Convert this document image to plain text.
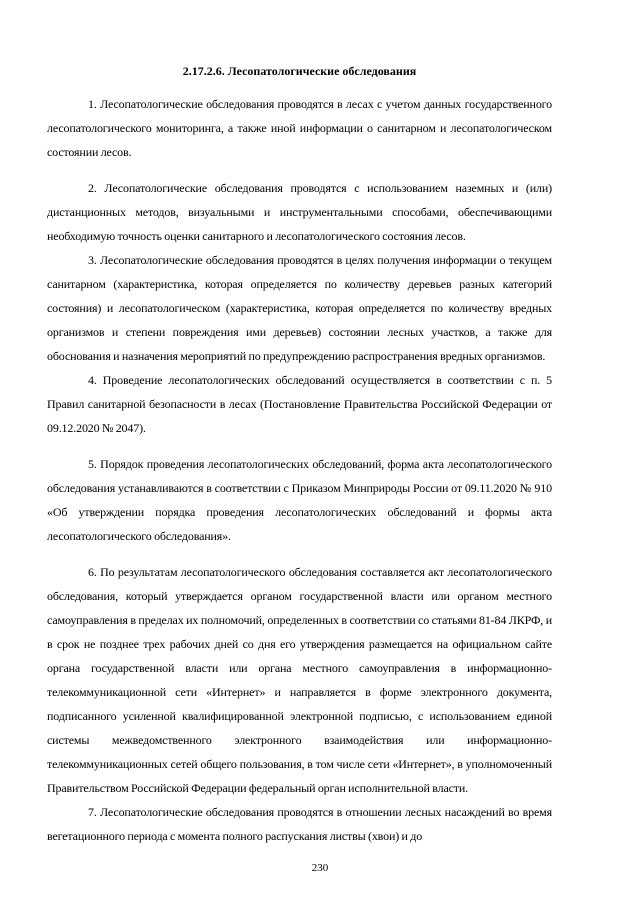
2.17.2.6. Лесопатологические обследования

1. Лесопатологические обследования проводятся в лесах с учетом данных государственного лесопатологического мониторинга, а также иной информации о санитарном и лесопатологическом состоянии лесов.

2. Лесопатологические обследования проводятся с использованием наземных и (или) дистанционных методов, визуальными и инструментальными способами, обеспечивающими необходимую точность оценки санитарного и лесопатологического состояния лесов.

3. Лесопатологические обследования проводятся в целях получения информации о текущем санитарном (характеристика, которая определяется по количеству деревьев разных категорий состояния) и лесопатологическом (характеристика, которая определяется по количеству вредных организмов и степени повреждения ими деревьев) состоянии лесных участков, а также для обоснования и назначения мероприятий по предупреждению распространения вредных организмов.

4. Проведение лесопатологических обследований осуществляется в соответствии с п. 5 Правил санитарной безопасности в лесах (Постановление Правительства Российской Федерации от 09.12.2020 № 2047).

5. Порядок проведения лесопатологических обследований, форма акта лесопатологического обследования устанавливаются в соответствии с Приказом Минприроды России от 09.11.2020 № 910 «Об утверждении порядка проведения лесопатологических обследований и формы акта лесопатологического обследования».

6. По результатам лесопатологического обследования составляется акт лесопатологического обследования, который утверждается органом государственной власти или органом местного самоуправления в пределах их полномочий, определенных в соответствии со статьями 81-84 ЛКРФ, и в срок не позднее трех рабочих дней со дня его утверждения размещается на официальном сайте органа государственной власти или органа местного самоуправления в информационно-телекоммуникационной сети «Интернет» и направляется в форме электронного документа, подписанного усиленной квалифицированной электронной подписью, с использованием единой системы межведомственного электронного взаимодействия или информационно-телекоммуникационных сетей общего пользования, в том числе сети «Интернет», в уполномоченный Правительством Российской Федерации федеральный орган исполнительной власти.

7. Лесопатологические обследования проводятся в отношении лесных насаждений во время вегетационного периода с момента полного распускания листвы (хвои) и до

230
